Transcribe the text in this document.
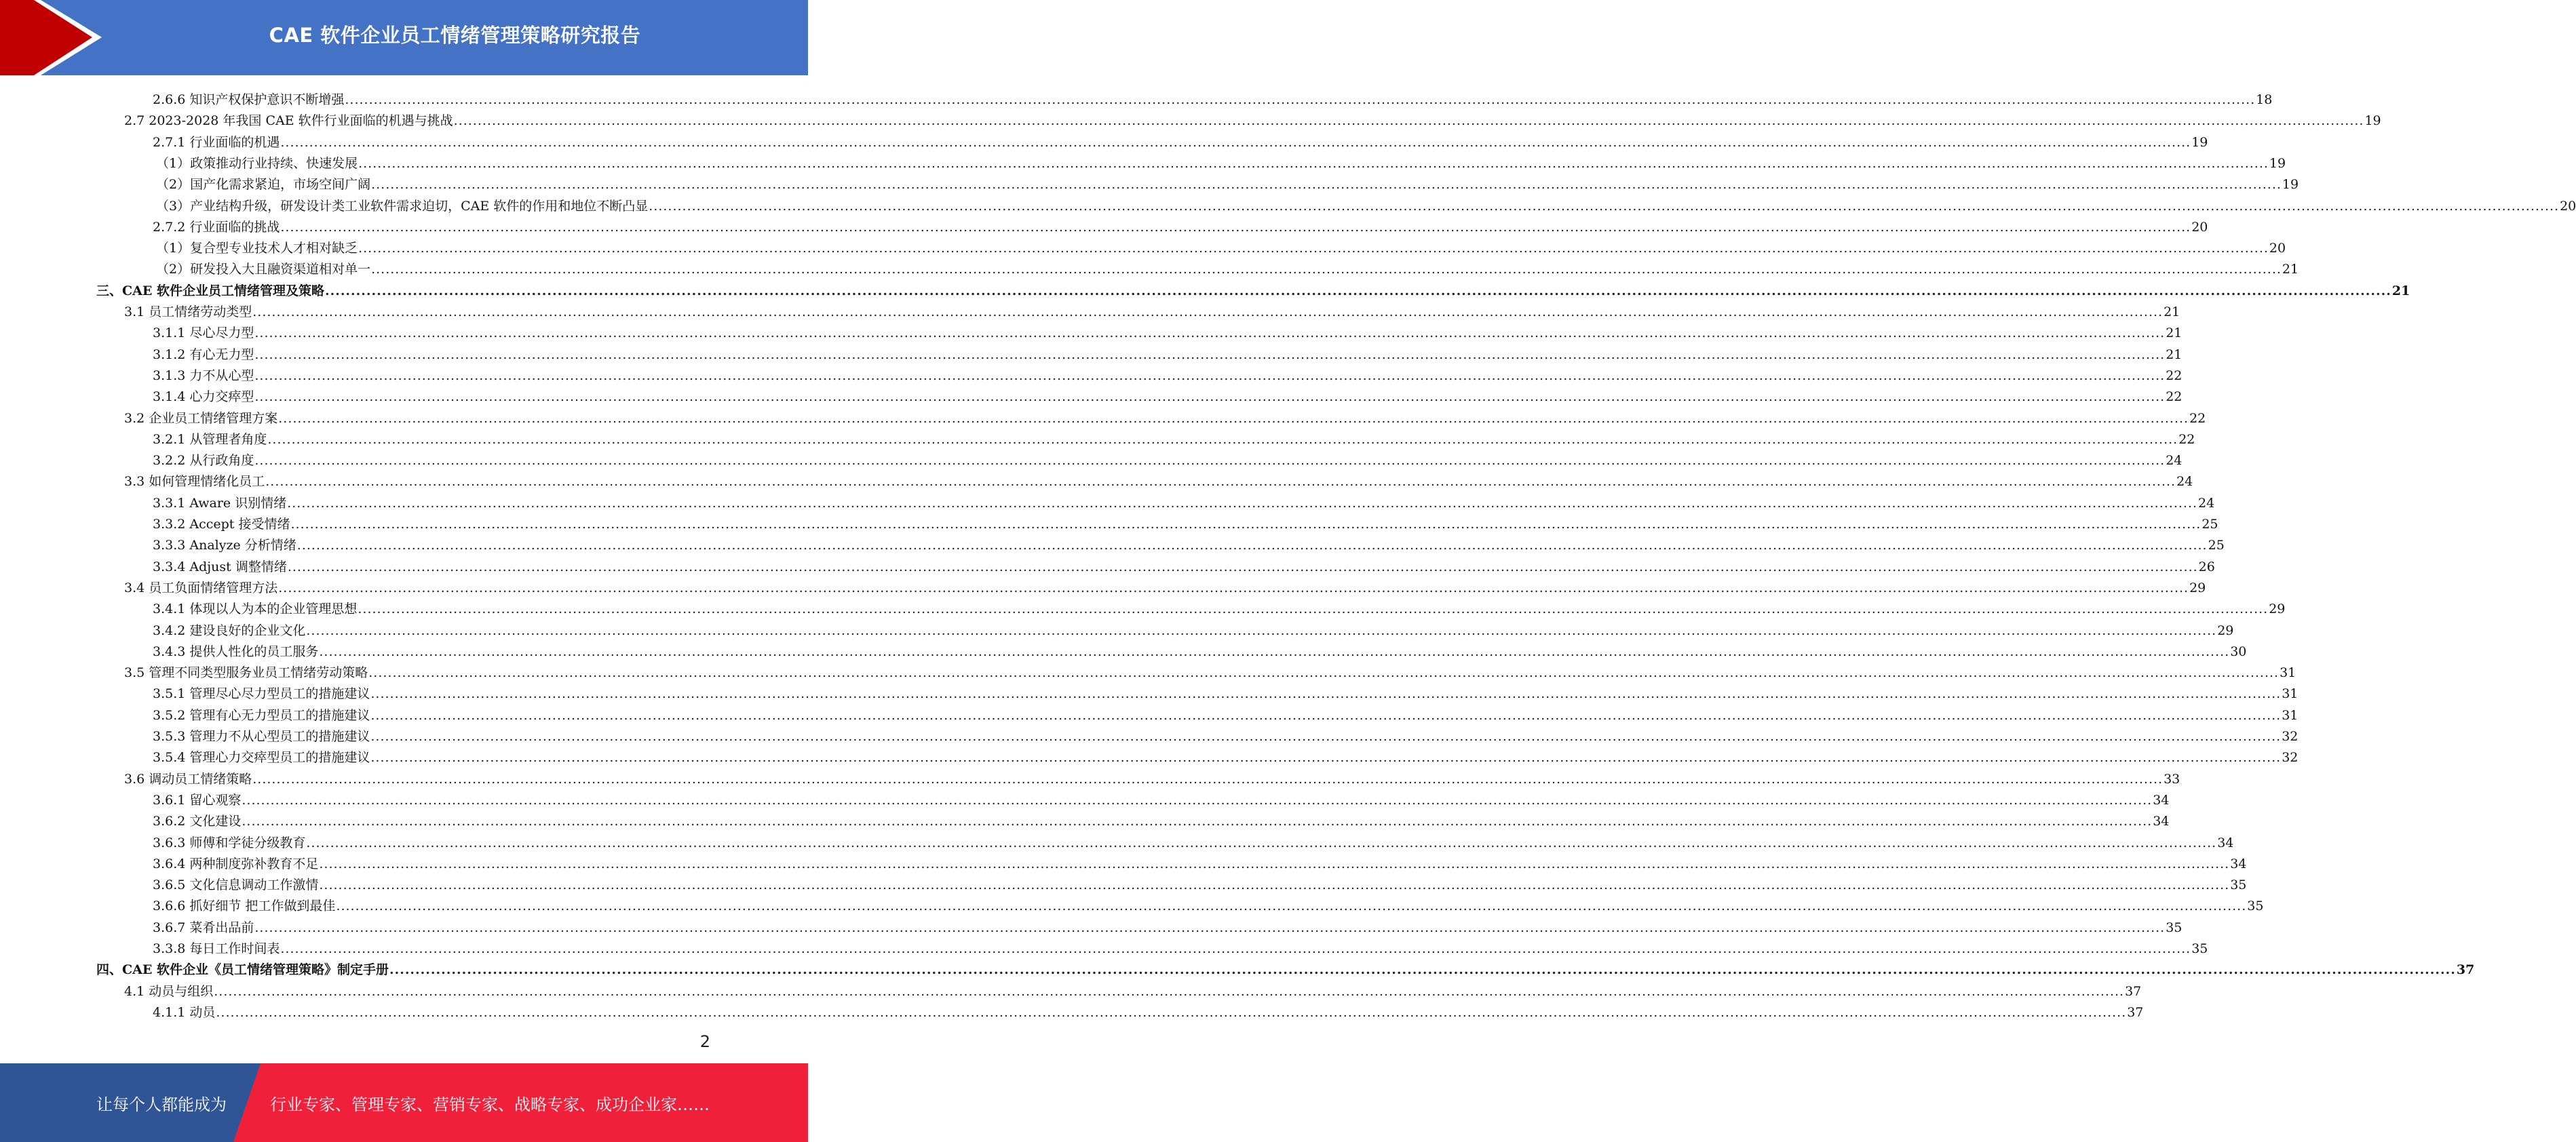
CAE 软件企业员工情绪管理策略研究报告
2.6.6 知识产权保护意识不断增强 ................................................................................................................................................................................................................................................................................................................................................................................................................ 18
2.7 2023-2028 年我国 CAE 软件行业面临的机遇与挑战 ................................................................................................................................................................................................................................................................................................................................................................................................................ 19
2.7.1 行业面临的机遇 ................................................................................................................................................................................................................................................................................................................................................................................................................ 19
（1）政策推动行业持续、快速发展 ................................................................................................................................................................................................................................................................................................................................................................................................................ 19
（2）国产化需求紧迫，市场空间广阔 ................................................................................................................................................................................................................................................................................................................................................................................................................ 19
（3）产业结构升级，研发设计类工业软件需求迫切，CAE 软件的作用和地位不断凸显 ................................................................................................................................................................................................................................................................................................................................................................................................................ 20
2.7.2 行业面临的挑战 ................................................................................................................................................................................................................................................................................................................................................................................................................ 20
（1）复合型专业技术人才相对缺乏 ................................................................................................................................................................................................................................................................................................................................................................................................................ 20
（2）研发投入大且融资渠道相对单一 ................................................................................................................................................................................................................................................................................................................................................................................................................ 21
三、CAE 软件企业员工情绪管理及策略 ................................................................................................................................................................................................................................................................................................................................................................................................................ 21
3.1 员工情绪劳动类型 ................................................................................................................................................................................................................................................................................................................................................................................................................ 21
3.1.1 尽心尽力型 ................................................................................................................................................................................................................................................................................................................................................................................................................ 21
3.1.2 有心无力型 ................................................................................................................................................................................................................................................................................................................................................................................................................ 21
3.1.3 力不从心型 ................................................................................................................................................................................................................................................................................................................................................................................................................ 22
3.1.4 心力交瘁型 ................................................................................................................................................................................................................................................................................................................................................................................................................ 22
3.2 企业员工情绪管理方案 ................................................................................................................................................................................................................................................................................................................................................................................................................ 22
3.2.1 从管理者角度 ................................................................................................................................................................................................................................................................................................................................................................................................................ 22
3.2.2 从行政角度 ................................................................................................................................................................................................................................................................................................................................................................................................................ 24
3.3 如何管理情绪化员工 ................................................................................................................................................................................................................................................................................................................................................................................................................ 24
3.3.1 Aware 识别情绪 ................................................................................................................................................................................................................................................................................................................................................................................................................ 24
3.3.2 Accept 接受情绪 ................................................................................................................................................................................................................................................................................................................................................................................................................ 25
3.3.3 Analyze 分析情绪 ................................................................................................................................................................................................................................................................................................................................................................................................................ 25
3.3.4 Adjust 调整情绪 ................................................................................................................................................................................................................................................................................................................................................................................................................ 26
3.4 员工负面情绪管理方法 ................................................................................................................................................................................................................................................................................................................................................................................................................ 29
3.4.1 体现以人为本的企业管理思想 ................................................................................................................................................................................................................................................................................................................................................................................................................ 29
3.4.2 建设良好的企业文化 ................................................................................................................................................................................................................................................................................................................................................................................................................ 29
3.4.3 提供人性化的员工服务 ................................................................................................................................................................................................................................................................................................................................................................................................................ 30
3.5 管理不同类型服务业员工情绪劳动策略 ................................................................................................................................................................................................................................................................................................................................................................................................................ 31
3.5.1 管理尽心尽力型员工的措施建议 ................................................................................................................................................................................................................................................................................................................................................................................................................ 31
3.5.2 管理有心无力型员工的措施建议 ................................................................................................................................................................................................................................................................................................................................................................................................................ 31
3.5.3 管理力不从心型员工的措施建议 ................................................................................................................................................................................................................................................................................................................................................................................................................ 32
3.5.4 管理心力交瘁型员工的措施建议 ................................................................................................................................................................................................................................................................................................................................................................................................................ 32
3.6 调动员工情绪策略 ................................................................................................................................................................................................................................................................................................................................................................................................................ 33
3.6.1 留心观察 ................................................................................................................................................................................................................................................................................................................................................................................................................ 34
3.6.2 文化建设 ................................................................................................................................................................................................................................................................................................................................................................................................................ 34
3.6.3 师傅和学徒分级教育 ................................................................................................................................................................................................................................................................................................................................................................................................................ 34
3.6.4 两种制度弥补教育不足 ................................................................................................................................................................................................................................................................................................................................................................................................................ 34
3.6.5 文化信息调动工作激情 ................................................................................................................................................................................................................................................................................................................................................................................................................ 35
3.6.6 抓好细节 把工作做到最佳 ................................................................................................................................................................................................................................................................................................................................................................................................................ 35
3.6.7 菜肴出品前 ................................................................................................................................................................................................................................................................................................................................................................................................................ 35
3.3.8 每日工作时间表 ................................................................................................................................................................................................................................................................................................................................................................................................................ 35
四、CAE 软件企业《员工情绪管理策略》制定手册 ................................................................................................................................................................................................................................................................................................................................................................................................................ 37
4.1 动员与组织 ................................................................................................................................................................................................................................................................................................................................................................................................................ 37
4.1.1 动员 ................................................................................................................................................................................................................................................................................................................................................................................................................ 37
2
让每个人都能成为	行业专家、管理专家、营销专家、战略专家、成功企业家……
